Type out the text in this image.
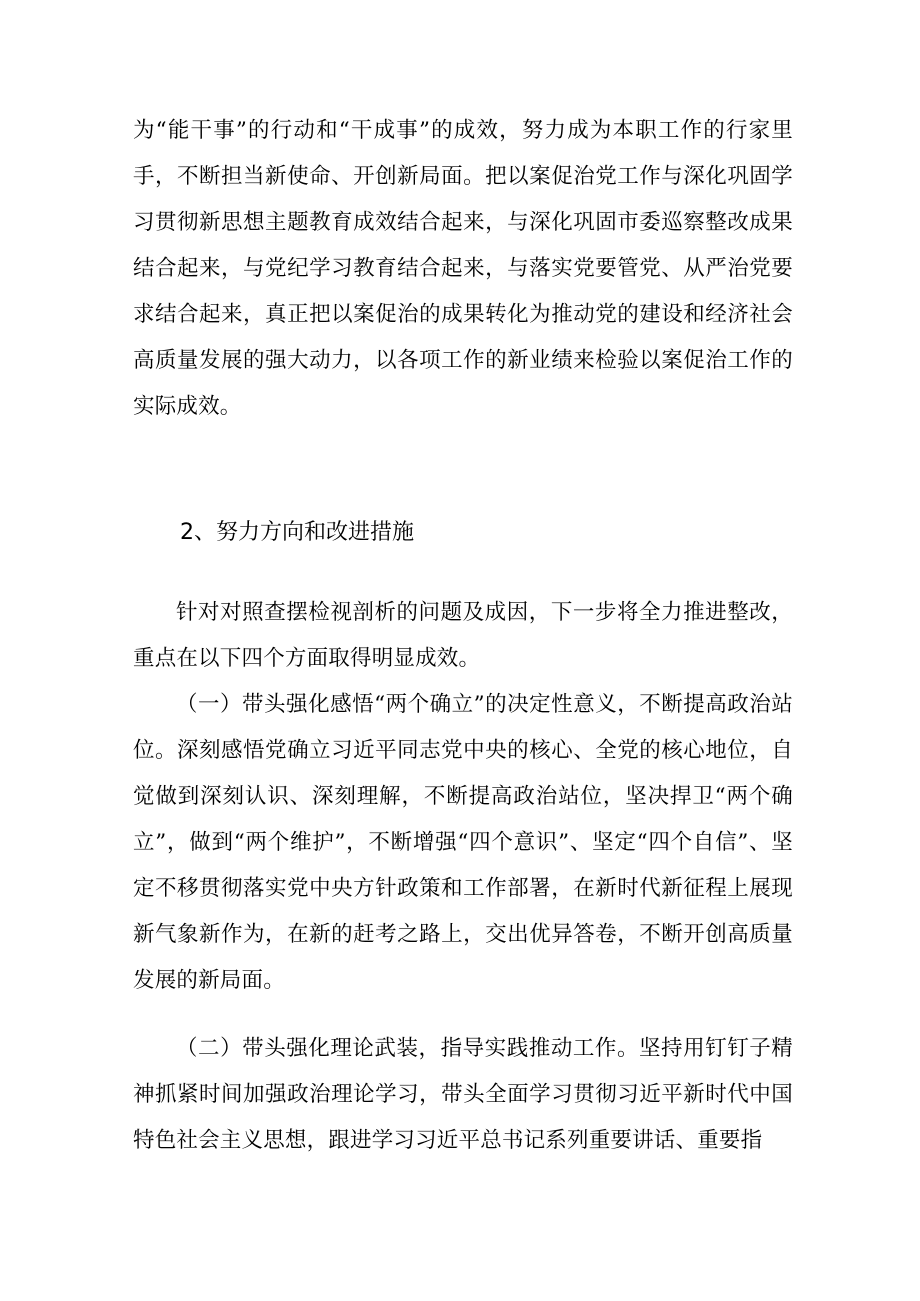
为“能干事”的行动和“干成事”的成效，努力成为本职工作的行家里手，不断担当新使命、开创新局面。把以案促治党工作与深化巩固学习贯彻新思想主题教育成效结合起来，与深化巩固市委巡察整改成果结合起来，与党纪学习教育结合起来，与落实党要管党、从严治党要求结合起来，真正把以案促治的成果转化为推动党的建设和经济社会高质量发展的强大动力，以各项工作的新业绩来检验以案促治工作的实际成效。

2、努力方向和改进措施

针对对照查摆检视剖析的问题及成因，下一步将全力推进整改，重点在以下四个方面取得明显成效。

（一）带头强化感悟“两个确立”的决定性意义，不断提高政治站位。深刻感悟党确立习近平同志党中央的核心、全党的核心地位，自觉做到深刻认识、深刻理解，不断提高政治站位，坚决捍卫“两个确立”，做到“两个维护”，不断增强“四个意识”、坚定“四个自信”、坚定不移贯彻落实党中央方针政策和工作部署，在新时代新征程上展现新气象新作为，在新的赶考之路上，交出优异答卷，不断开创高质量发展的新局面。

（二）带头强化理论武装，指导实践推动工作。坚持用钉钉子精神抓紧时间加强政治理论学习，带头全面学习贯彻习近平新时代中国特色社会主义思想，跟进学习习近平总书记系列重要讲话、重要指
